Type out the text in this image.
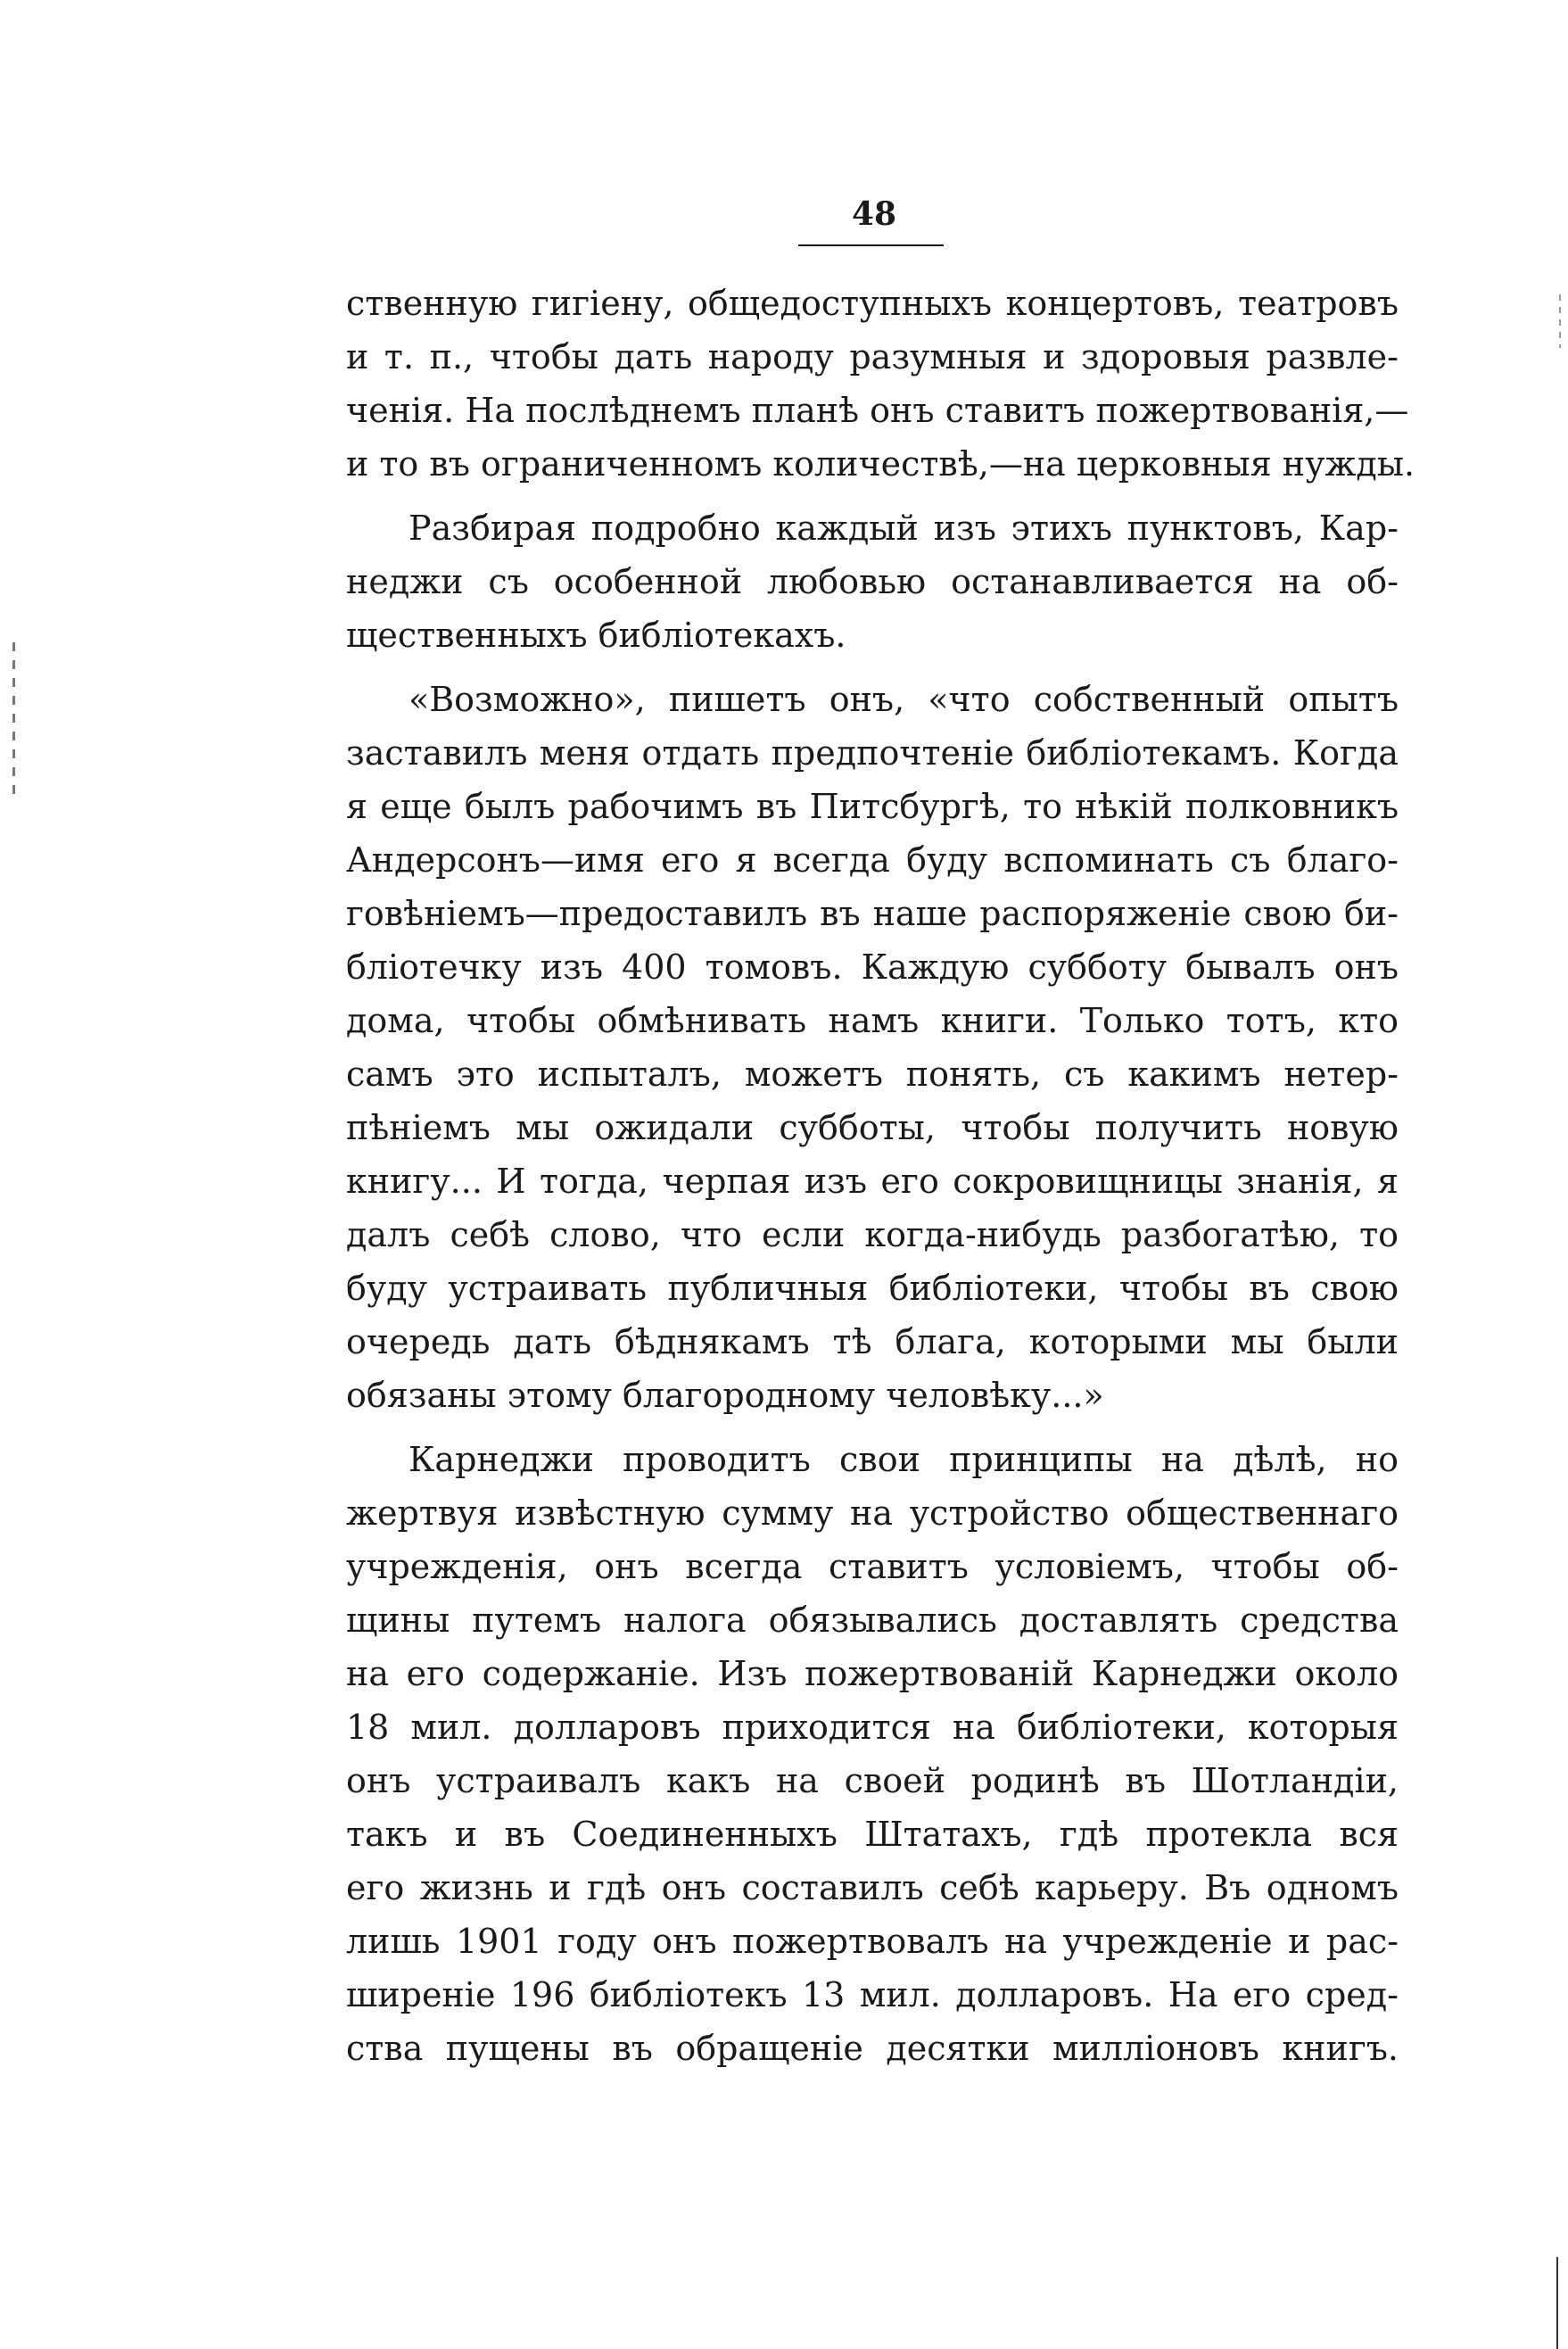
48
ственную гигіену, общедоступныхъ концертовъ, театровъ
и т. п., чтобы дать народу разумныя и здоровыя развле-
ченія. На послѣднемъ планѣ онъ ставитъ пожертвованія,—
и то въ ограниченномъ количествѣ,—на церковныя нужды.
Разбирая подробно каждый изъ этихъ пунктовъ, Кар-
неджи съ особенной любовью останавливается на об-
щественныхъ библіотекахъ.
«Возможно», пишетъ онъ, «что собственный опытъ
заставилъ меня отдать предпочтеніе библіотекамъ. Когда
я еще былъ рабочимъ въ Питсбургѣ, то нѣкій полковникъ
Андерсонъ—имя его я всегда буду вспоминать съ благо-
говѣніемъ—предоставилъ въ наше распоряженіе свою би-
бліотечку изъ 400 томовъ. Каждую субботу бывалъ онъ
дома, чтобы обмѣнивать намъ книги. Только тотъ, кто
самъ это испыталъ, можетъ понять, съ какимъ нетер-
пѣніемъ мы ожидали субботы, чтобы получить новую
книгу... И тогда, черпая изъ его сокровищницы знанія, я
далъ себѣ слово, что если когда-нибудь разбогатѣю, то
буду устраивать публичныя библіотеки, чтобы въ свою
очередь дать бѣднякамъ тѣ блага, которыми мы были
обязаны этому благородному человѣку...»
Карнеджи проводитъ свои принципы на дѣлѣ, но
жертвуя извѣстную сумму на устройство общественнаго
учрежденія, онъ всегда ставитъ условіемъ, чтобы об-
щины путемъ налога обязывались доставлять средства
на его содержаніе. Изъ пожертвованій Карнеджи около
18 мил. долларовъ приходится на библіотеки, которыя
онъ устраивалъ какъ на своей родинѣ въ Шотландіи,
такъ и въ Соединенныхъ Штатахъ, гдѣ протекла вся
его жизнь и гдѣ онъ составилъ себѣ карьеру. Въ одномъ
лишь 1901 году онъ пожертвовалъ на учрежденіе и рас-
ширеніе 196 библіотекъ 13 мил. долларовъ. На его сред-
ства пущены въ обращеніе десятки милліоновъ книгъ.
